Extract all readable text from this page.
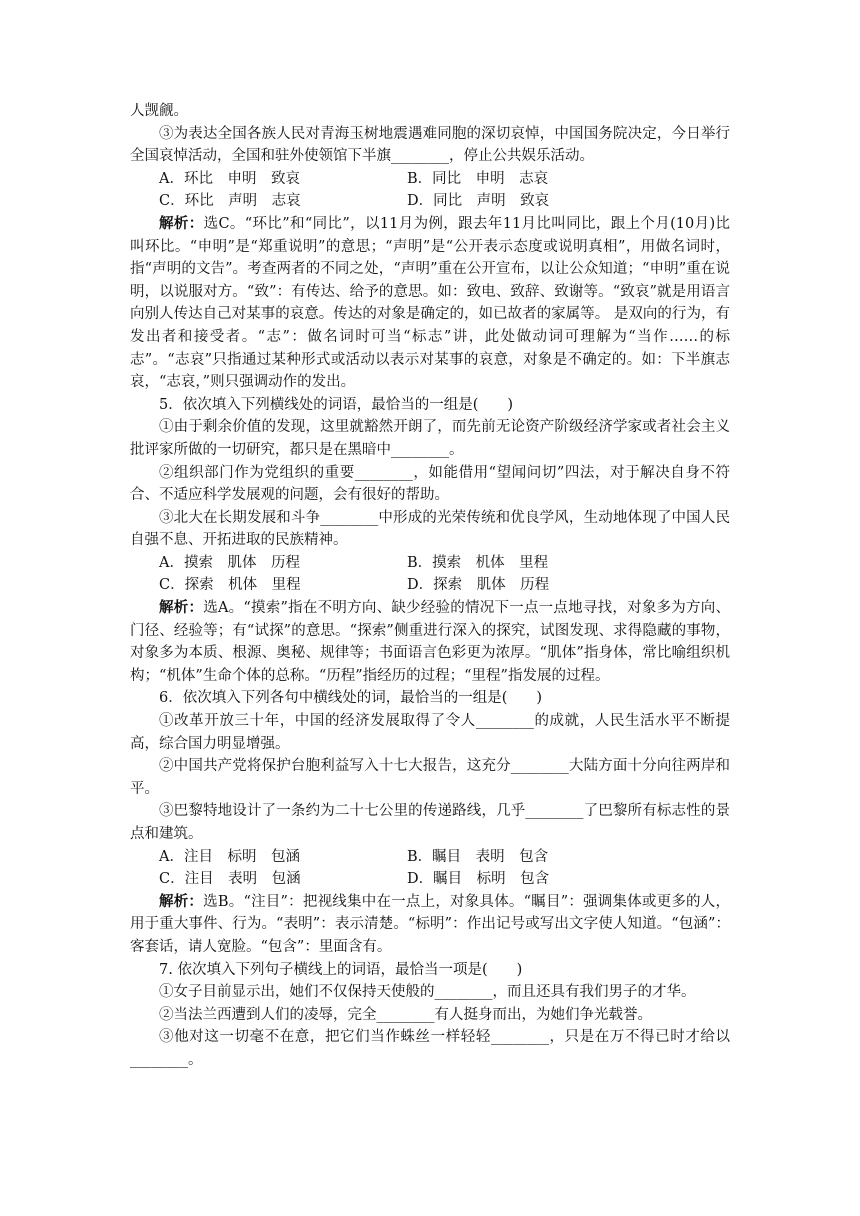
人觊觎。

③为表达全国各族人民对青海玉树地震遇难同胞的深切哀悼，中国国务院决定，今日举行全国哀悼活动，全国和驻外使领馆下半旗________，停止公共娱乐活动。

A．环比　申明　致哀	B．同比　申明　志哀
C．环比　声明　志哀	D．同比　声明　致哀

解析：选C。“环比”和“同比”，以11月为例，跟去年11月比叫同比，跟上个月(10月)比叫环比。“申明”是“郑重说明”的意思；“声明”是“公开表示态度或说明真相”，用做名词时，指“声明的文告”。考查两者的不同之处，“声明”重在公开宣布，以让公众知道；“申明”重在说明，以说服对方。“致”：有传达、给予的意思。如：致电、致辞、致谢等。“致哀”就是用语言向别人传达自己对某事的哀意。传达的对象是确定的，如已故者的家属等。 是双向的行为，有发出者和接受者。“志”：做名词时可当“标志”讲，此处做动词可理解为“当作……的标志”。“志哀”只指通过某种形式或活动以表示对某事的哀意，对象是不确定的。如：下半旗志哀，“志哀，”则只强调动作的发出。

5．依次填入下列横线处的词语，最恰当的一组是(　　)

①由于剩余价值的发现，这里就豁然开朗了，而先前无论资产阶级经济学家或者社会主义批评家所做的一切研究，都只是在黑暗中________。

②组织部门作为党组织的重要________，如能借用“望闻问切”四法，对于解决自身不符合、不适应科学发展观的问题，会有很好的帮助。

③北大在长期发展和斗争________中形成的光荣传统和优良学风，生动地体现了中国人民自强不息、开拓进取的民族精神。

A．摸索　肌体　历程	B．摸索　机体　里程
C．探索　机体　里程	D．探索　肌体　历程

解析：选A。“摸索”指在不明方向、缺少经验的情况下一点一点地寻找，对象多为方向、门径、经验等；有“试探”的意思。“探索”侧重进行深入的探究，试图发现、求得隐藏的事物，对象多为本质、根源、奥秘、规律等；书面语言色彩更为浓厚。“肌体”指身体，常比喻组织机构；“机体”生命个体的总称。“历程”指经历的过程；“里程”指发展的过程。

6．依次填入下列各句中横线处的词，最恰当的一组是(　　)

①改革开放三十年，中国的经济发展取得了令人________的成就，人民生活水平不断提高，综合国力明显增强。

②中国共产党将保护台胞利益写入十七大报告，这充分________大陆方面十分向往两岸和平。

③巴黎特地设计了一条约为二十七公里的传递路线，几乎________了巴黎所有标志性的景点和建筑。

A．注目　标明　包涵	B．瞩目　表明　包含
C．注目　表明　包涵	D．瞩目　标明　包含

解析：选B。“注目”：把视线集中在一点上，对象具体。“瞩目”：强调集体或更多的人，用于重大事件、行为。“表明”：表示清楚。“标明”：作出记号或写出文字使人知道。“包涵”：客套话，请人宽脸。“包含”：里面含有。

7. 依次填入下列句子横线上的词语，最恰当一项是(　　)

①女子目前显示出，她们不仅保持天使般的________，而且还具有我们男子的才华。

②当法兰西遭到人们的凌辱，完全________有人挺身而出，为她们争光载誉。

③他对这一切毫不在意，把它们当作蛛丝一样轻轻________，只是在万不得已时才给以________。
